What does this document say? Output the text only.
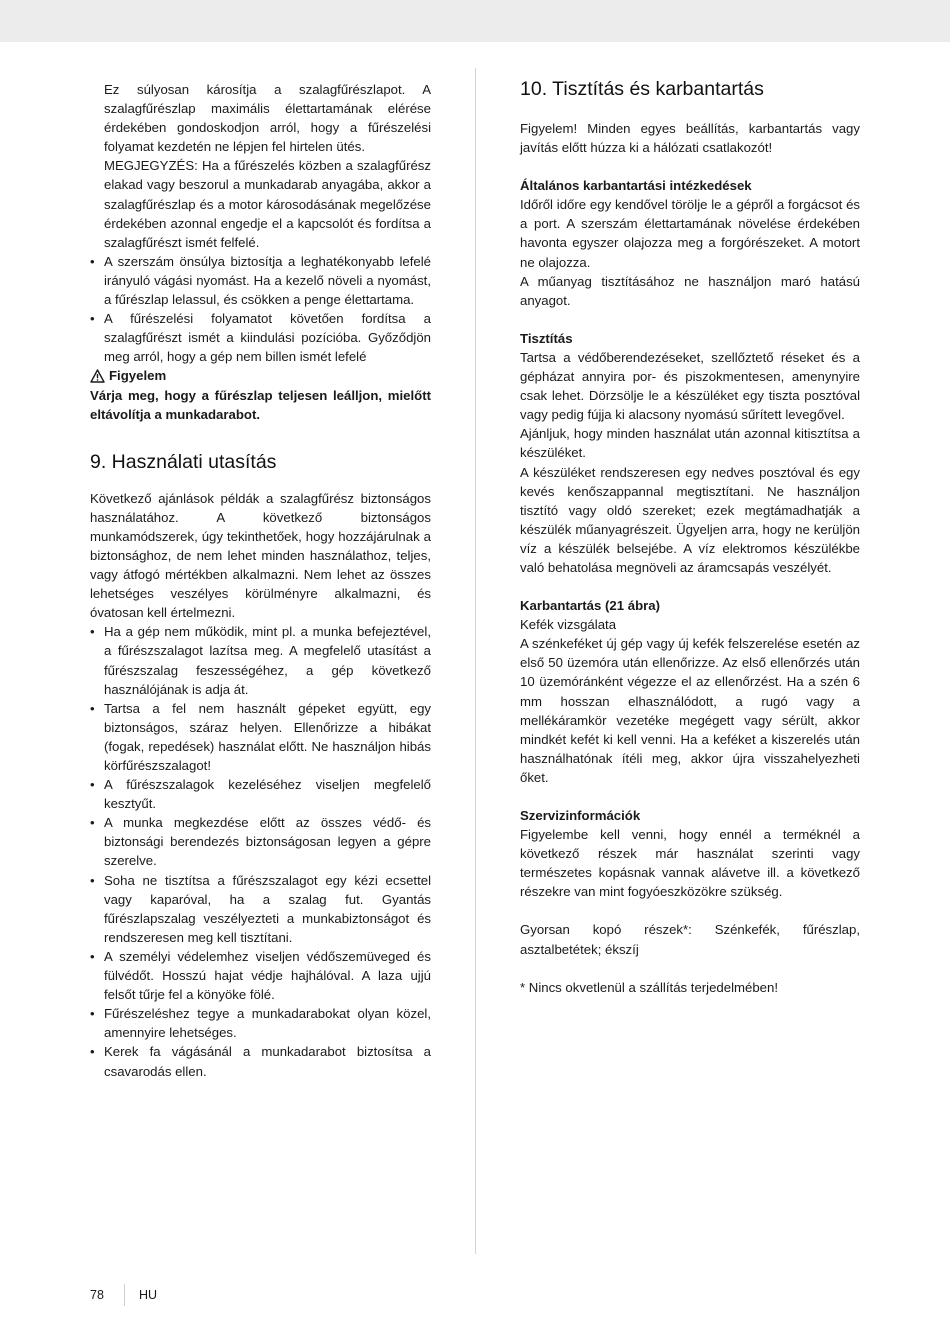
Ez súlyosan károsítja a szalagfűrészlapot. A szalagfűrészlap maximális élettartamának elérése érdekében gondoskodjon arról, hogy a fűrészelési folyamat kezdetén ne lépjen fel hirtelen ütés.

MEGJEGYZÉS: Ha a fűrészelés közben a szalagfűrész elakad vagy beszorul a munkadarab anyagába, akkor a szalagfűrészlap és a motor károsodásának megelőzése érdekében azonnal engedje el a kapcsolót és fordítsa a szalagfűrészt ismét felfelé.

• A szerszám önsúlya biztosítja a leghatékonyabb lefelé irányuló vágási nyomást. Ha a kezelő növeli a nyomást, a fűrészlap lelassul, és csökken a penge élettartama.
• A fűrészelési folyamatot követően fordítsa a szalagfűrészt ismét a kiindulási pozícióba. Győződjön meg arról, hogy a gép nem billen ismét lefelé
Figyelem

Várja meg, hogy a fűrészlap teljesen leálljon, mielőtt eltávolítja a munkadarabot.

9. Használati utasítás

Következő ajánlások példák a szalagfűrész biztonságos használatához. A következő biztonságos munkamódszerek, úgy tekinthetőek, hogy hozzájárulnak a biztonsághoz, de nem lehet minden használathoz, teljes, vagy átfogó mértékben alkalmazni. Nem lehet az összes lehetséges veszélyes körülményre alkalmazni, és óvatosan kell értelmezni.

• Ha a gép nem működik, mint pl. a munka befejeztével, a fűrészszalagot lazítsa meg. A megfelelő utasítást a fűrészszalag feszességéhez, a gép következő használójának is adja át.
• Tartsa a fel nem használt gépeket együtt, egy biztonságos, száraz helyen. Ellenőrizze a hibákat (fogak, repedések) használat előtt. Ne használjon hibás körfűrészszalagot!
• A fűrészszalagok kezeléséhez viseljen megfelelő kesztyűt.
• A munka megkezdése előtt az összes védő- és biztonsági berendezés biztonságosan legyen a gépre szerelve.
• Soha ne tisztítsa a fűrészszalagot egy kézi ecsettel vagy kaparóval, ha a szalag fut. Gyantás fűrészlapszalag veszélyezteti a munkabiztonságot és rendszeresen meg kell tisztítani.
• A személyi védelemhez viseljen védőszemüveged és fülvédőt. Hosszú hajat védje hajhálóval. A laza ujjú felsőt tűrje fel a könyöke fölé.
• Fűrészeléshez tegye a munkadarabokat olyan közel, amennyire lehetséges.
• Kerek fa vágásánál a munkadarabot biztosítsa a csavarodás ellen.
10. Tisztítás és karbantartás

Figyelem! Minden egyes beállítás, karbantartás vagy javítás előtt húzza ki a hálózati csatlakozót!

Általános karbantartási intézkedések

Időről időre egy kendővel törölje le a gépről a forgácsot és a port. A szerszám élettartamának növelése érdekében havonta egyszer olajozza meg a forgórészeket. A motort ne olajozza.

A műanyag tisztításához ne használjon maró hatású anyagot.

Tisztítás

Tartsa a védőberendezéseket, szellőztető réseket és a gépházat annyira por- és piszokmentesen, amenynyire csak lehet. Dörzsölje le a készüléket egy tiszta posztóval vagy pedig fújja ki alacsony nyomású sűrített levegővel.

Ajánljuk, hogy minden használat után azonnal kitisztítsa a készüléket.

A készüléket rendszeresen egy nedves posztóval és egy kevés kenőszappannal megtisztítani. Ne használjon tisztító vagy oldó szereket; ezek megtámadhatják a készülék műanyagrészeit. Ügyeljen arra, hogy ne kerüljön víz a készülék belsejébe. A víz elektromos készülékbe való behatolása megnöveli az áramcsapás veszélyét.

Karbantartás (21 ábra)

Kefék vizsgálata

A szénkeféket új gép vagy új kefék felszerelése esetén az első 50 üzemóra után ellenőrizze. Az első ellenőrzés után 10 üzemóránként végezze el az ellenőrzést. Ha a szén 6 mm hosszan elhasználódott, a rugó vagy a mellékáramkör vezetéke megégett vagy sérült, akkor mindkét kefét ki kell venni. Ha a keféket a kiszerelés után használhatónak ítéli meg, akkor újra visszahelyezheti őket.

Szervizinformációk

Figyelembe kell venni, hogy ennél a terméknél a következő részek már használat szerinti vagy természetes kopásnak vannak alávetve ill. a következő részekre van mint fogyóeszközökre szükség.

Gyorsan kopó részek*: Szénkefék, fűrészlap, asztalbetétek; ékszíj

* Nincs okvetlenül a szállítás terjedelmében!

78	HU
